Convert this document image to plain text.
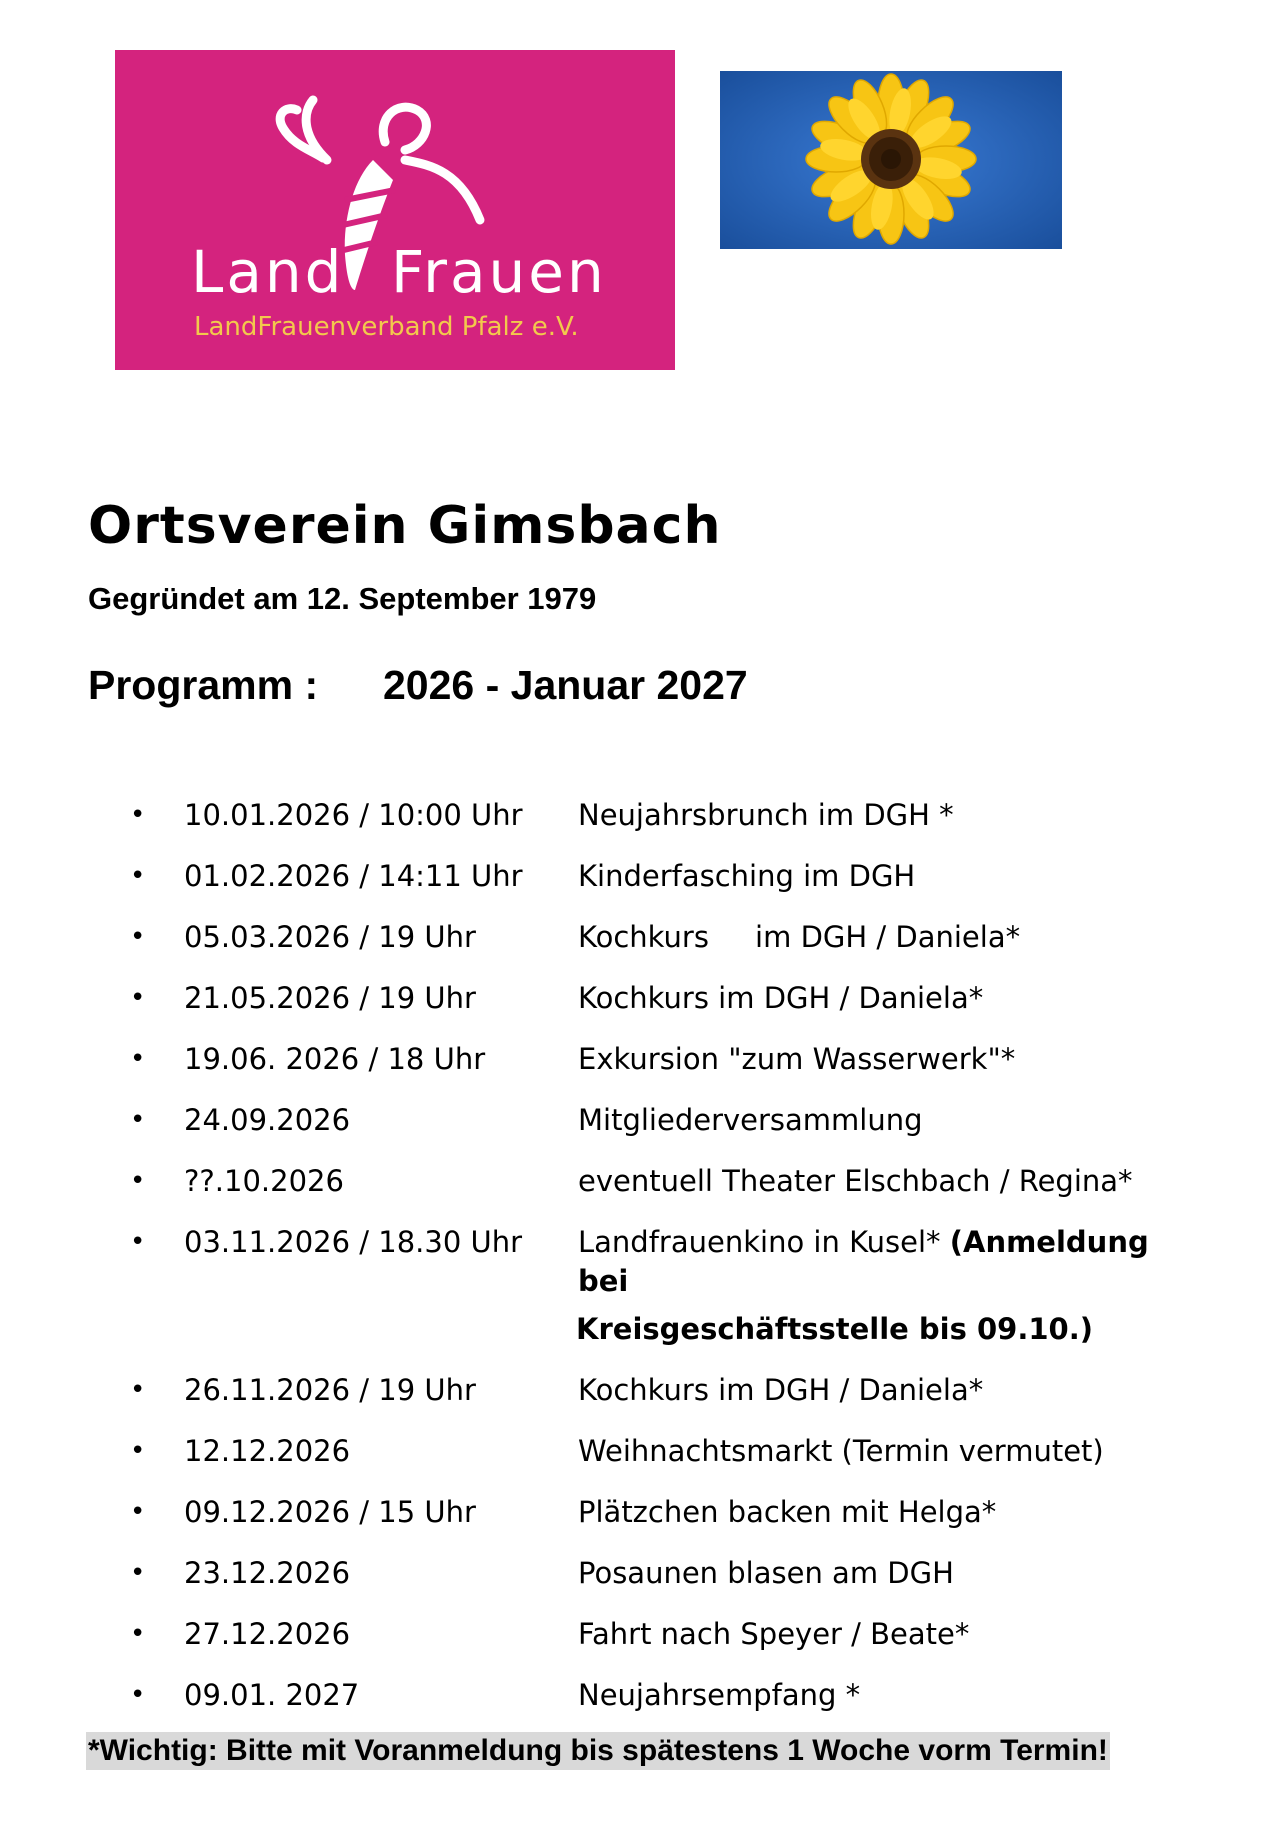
Land Frauen
LandFrauenverband Pfalz e.V.
Ortsverein Gimsbach
Gegründet am 12. September 1979
Programm : 2026 - Januar 2027
•	10.01.2026 / 10:00 Uhr	Neujahrsbrunch im DGH *
•	01.02.2026 / 14:11 Uhr	Kinderfasching im DGH
•	05.03.2026 / 19 Uhr	Kochkurs     im DGH / Daniela*
•	21.05.2026 / 19 Uhr	Kochkurs im DGH / Daniela*
•	19.06. 2026 / 18 Uhr	Exkursion "zum Wasserwerk"*
•	24.09.2026	Mitgliederversammlung
•	??.10.2026	eventuell Theater Elschbach / Regina*
•	03.11.2026 / 18.30 Uhr	Landfrauenkino in Kusel* (Anmeldung bei
Kreisgeschäftsstelle bis 09.10.)
•	26.11.2026 / 19 Uhr	Kochkurs im DGH / Daniela*
•	12.12.2026	Weihnachtsmarkt (Termin vermutet)
•	09.12.2026 / 15 Uhr	Plätzchen backen mit Helga*
•	23.12.2026	Posaunen blasen am DGH
•	27.12.2026	Fahrt nach Speyer / Beate*
•	09.01. 2027	Neujahrsempfang *
*Wichtig: Bitte mit Voranmeldung bis spätestens 1 Woche vorm Termin!
